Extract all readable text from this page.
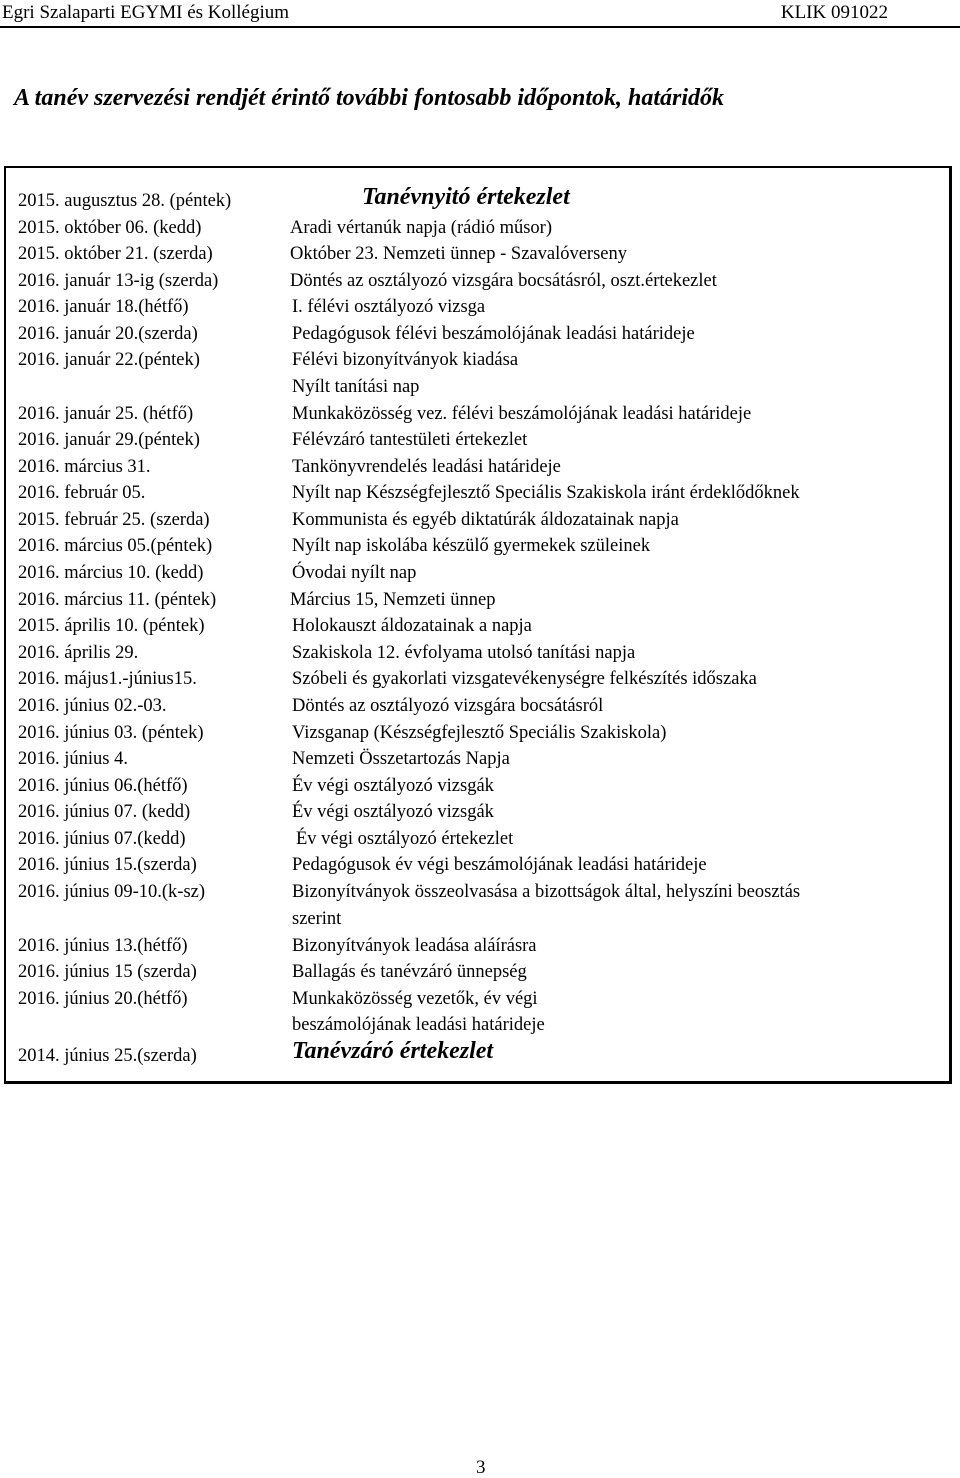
Egri Szalaparti EGYMI és Kollégium	KLIK 091022
A tanév szervezési rendjét érintő további fontosabb időpontok, határidők
2015. augusztus 28. (péntek)	Tanévnyitó értekezlet
2015. október 06. (kedd)	Aradi vértanúk napja (rádió műsor)
2015. október 21. (szerda)	Október 23. Nemzeti ünnep - Szavalóverseny
2016. január 13-ig (szerda)	Döntés az osztályozó vizsgára bocsátásról, oszt.értekezlet
2016. január 18.(hétfő)	I. félévi osztályozó vizsga
2016. január 20.(szerda)	Pedagógusok félévi beszámolójának leadási határideje
2016. január 22.(péntek)	Félévi bizonyítványok kiadása
Nyílt tanítási nap
2016. január 25. (hétfő)	Munkaközösség vez. félévi beszámolójának leadási határideje
2016. január 29.(péntek)	Félévzáró tantestületi értekezlet
2016. március 31.	Tankönyvrendelés leadási határideje
2016. február 05.	Nyílt nap Készségfejlesztő Speciális Szakiskola iránt érdeklődőknek
2015. február 25. (szerda)	Kommunista és egyéb diktatúrák áldozatainak napja
2016. március 05.(péntek)	Nyílt nap iskolába készülő gyermekek szüleinek
2016. március 10. (kedd)	Óvodai nyílt nap
2016. március 11. (péntek)	Március 15, Nemzeti ünnep
2015. április 10. (péntek)	Holokauszt áldozatainak a napja
2016. április 29.	Szakiskola 12. évfolyama utolsó tanítási napja
2016. május1.-június15.	Szóbeli és gyakorlati vizsgatevékenységre felkészítés időszaka
2016. június 02.-03.	Döntés az osztályozó vizsgára bocsátásról
2016. június 03. (péntek)	Vizsganap (Készségfejlesztő Speciális Szakiskola)
2016. június 4.	Nemzeti Összetartozás Napja
2016. június 06.(hétfő)	Év végi osztályozó vizsgák
2016. június 07. (kedd)	Év végi osztályozó vizsgák
2016. június 07.(kedd)	Év végi osztályozó értekezlet
2016. június 15.(szerda)	Pedagógusok év végi beszámolójának leadási határideje
2016. június 09-10.(k-sz)	Bizonyítványok összeolvasása a bizottságok által, helyszíni beosztás
szerint
2016. június 13.(hétfő)	Bizonyítványok leadása aláírásra
2016. június 15 (szerda)	Ballagás és tanévzáró ünnepség
2016. június 20.(hétfő)	Munkaközösség vezetők, év végi
beszámolójának leadási határideje
2014. június 25.(szerda)	Tanévzáró értekezlet
3
